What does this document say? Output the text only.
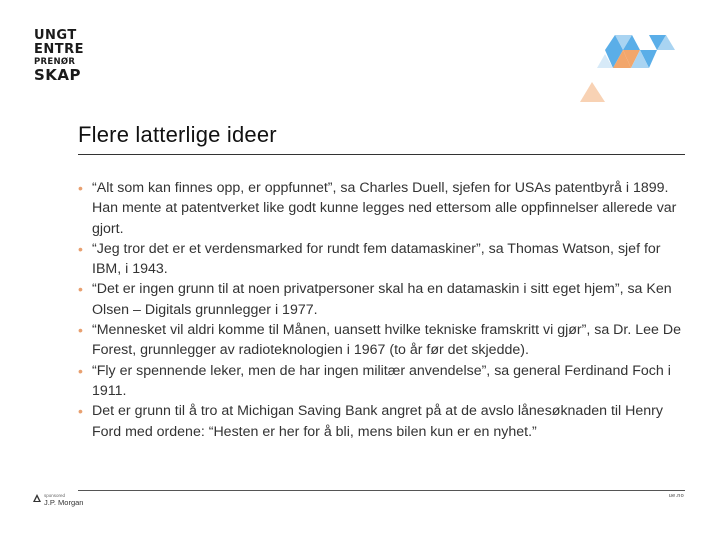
UNGT
ENTRE
PRENØR
SKAP
Flere latterlige ideer
• “Alt som kan finnes opp, er oppfunnet”, sa Charles Duell, sjefen for USAs patentbyrå i 1899. Han mente at patentverket like godt kunne legges ned ettersom alle oppfinnelser allerede var gjort.
• “Jeg tror det er et verdensmarked for rundt fem datamaskiner”, sa Thomas Watson, sjef for IBM, i 1943.
• “Det er ingen grunn til at noen privatpersoner skal ha en datamaskin i sitt eget hjem”, sa Ken Olsen – Digitals grunnlegger i 1977.
• “Mennesket vil aldri komme til Månen, uansett hvilke tekniske framskritt vi gjør”, sa Dr. Lee De Forest, grunnlegger av radioteknologien i 1967 (to år før det skjedde).
• “Fly er spennende leker, men de har ingen militær anvendelse”, sa general Ferdinand Foch i 1911.
• Det er grunn til å tro at Michigan Saving Bank angret på at de avslo lånesøknaden til Henry Ford med ordene: “Hesten er her for å bli, mens bilen kun er en nyhet.”
sponsored
J.P. Morgan
ue.no
